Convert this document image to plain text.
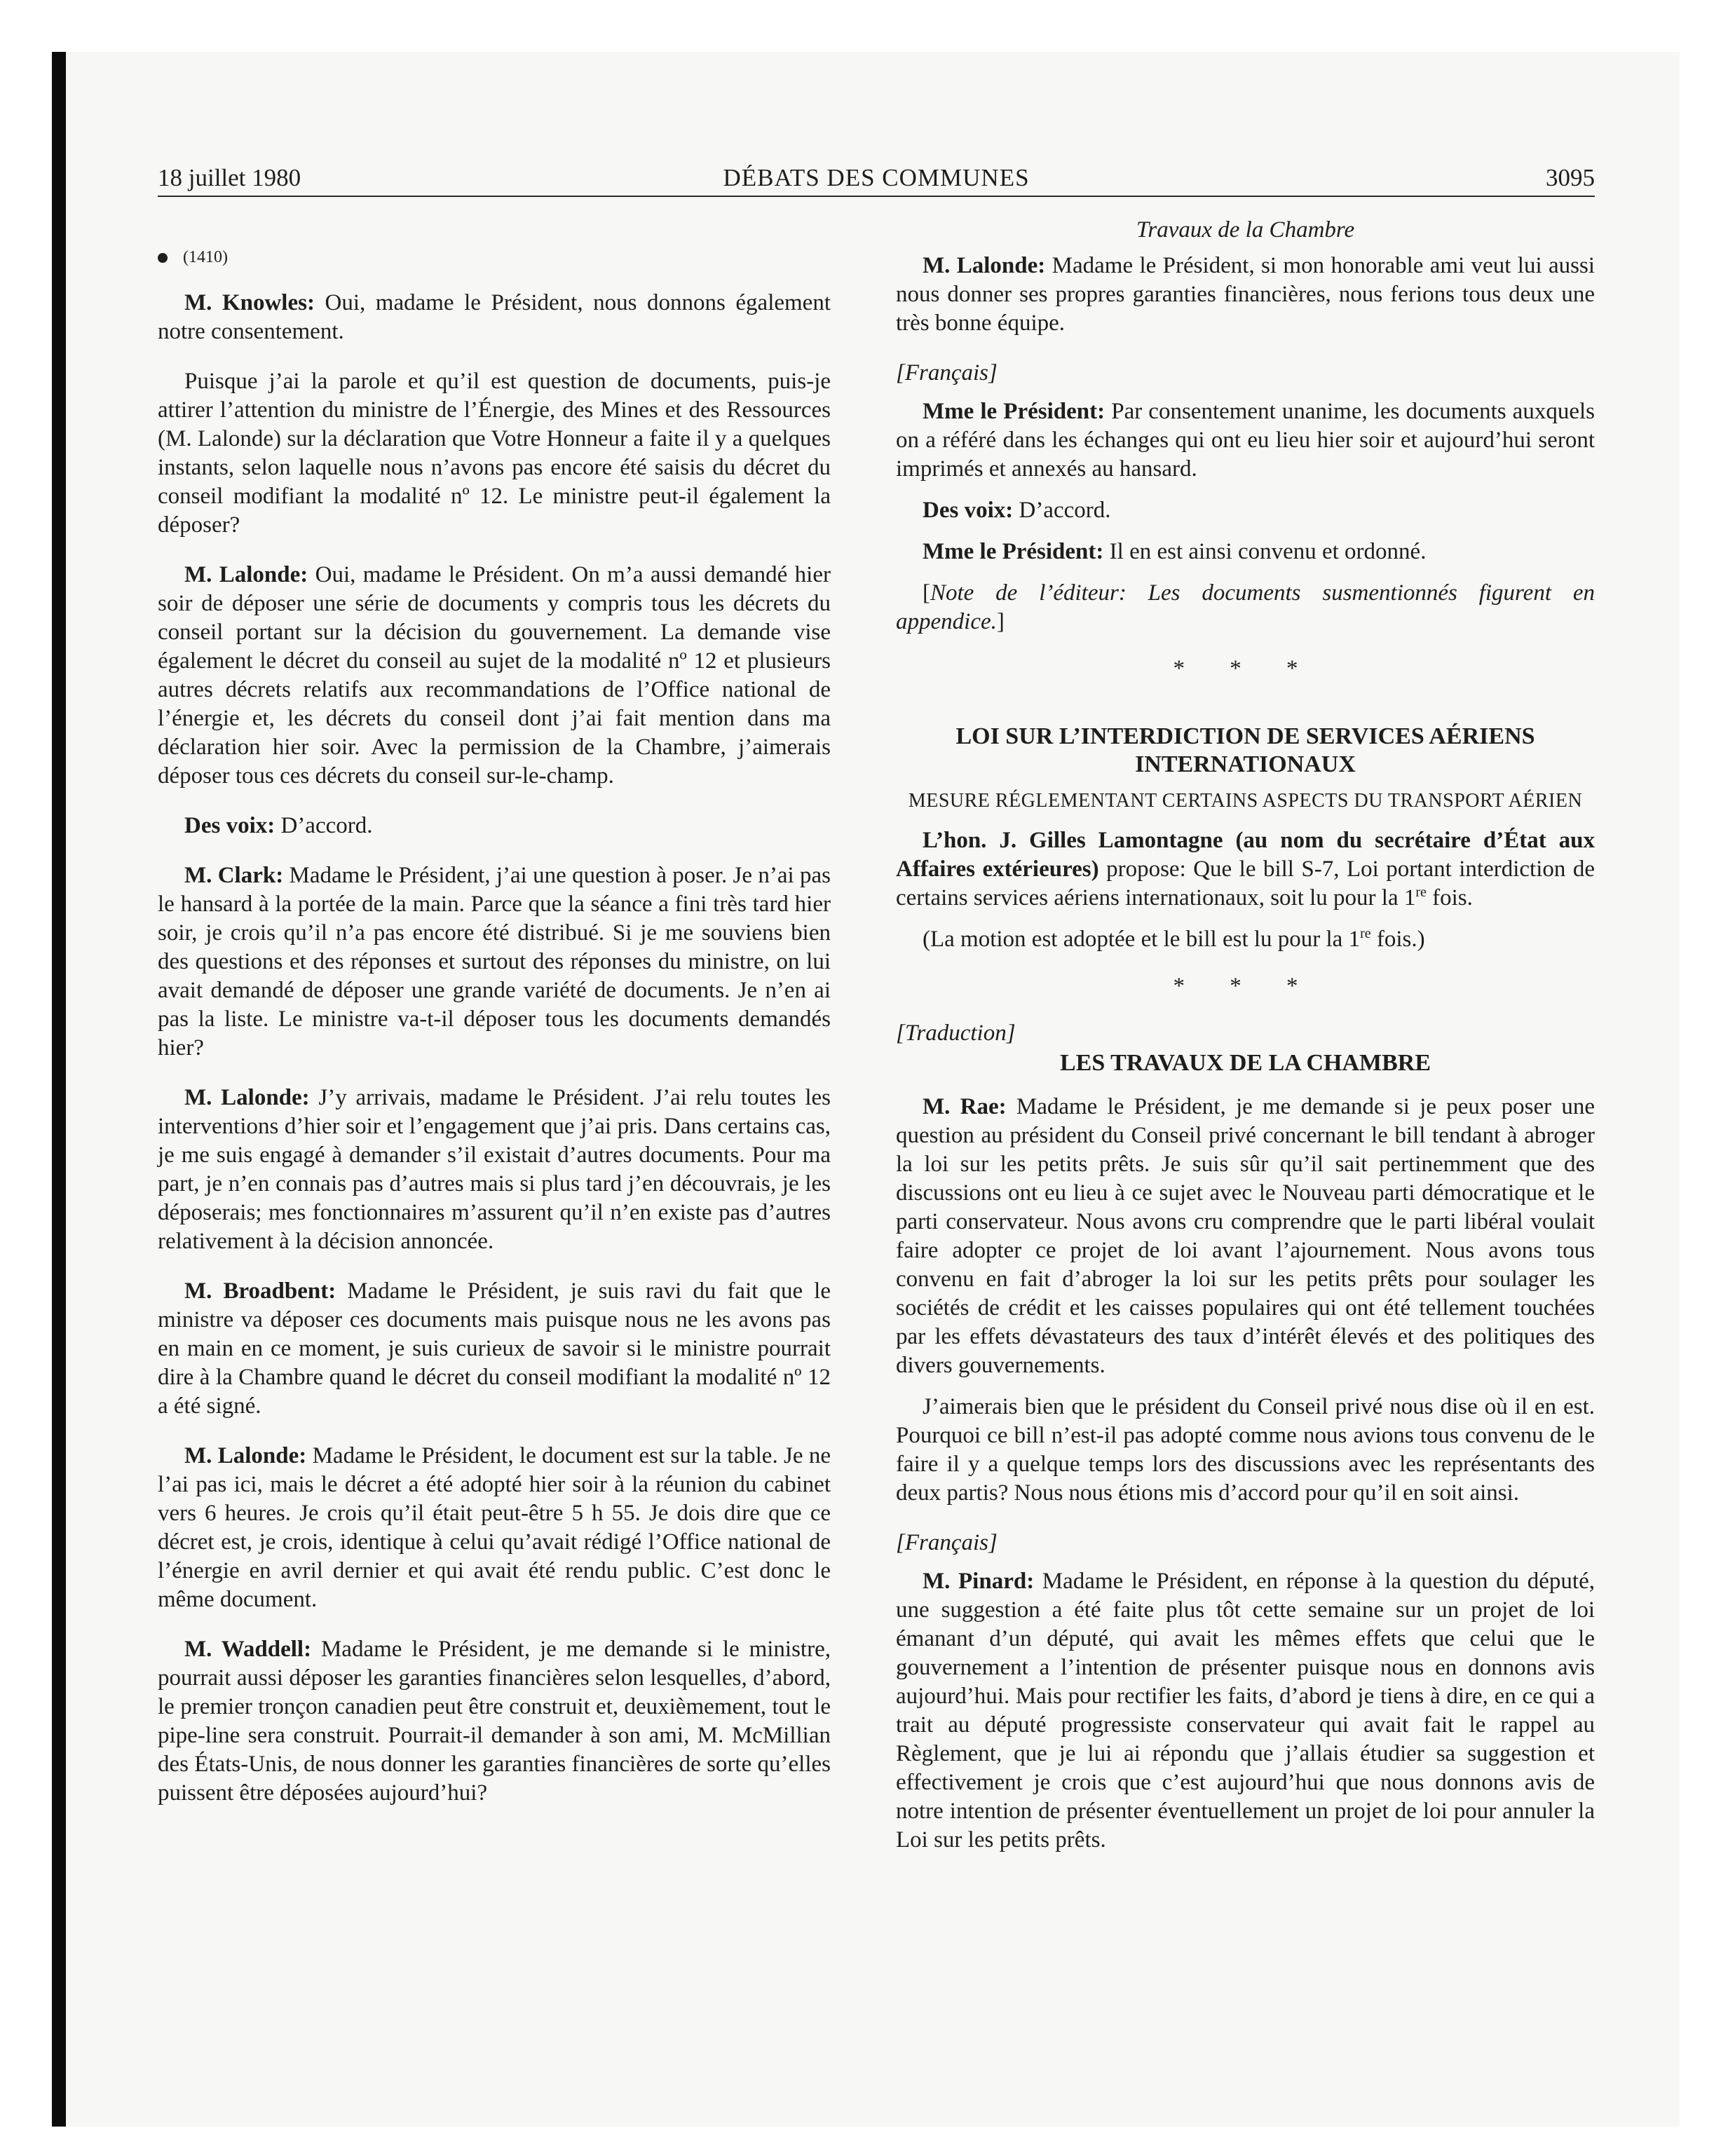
18 juillet 1980	DÉBATS DES COMMUNES	3095
(1410)

M. Knowles: Oui, madame le Président, nous donnons également notre consentement.

Puisque j’ai la parole et qu’il est question de documents, puis-je attirer l’attention du ministre de l’Énergie, des Mines et des Ressources (M. Lalonde) sur la déclaration que Votre Honneur a faite il y a quelques instants, selon laquelle nous n’avons pas encore été saisis du décret du conseil modifiant la modalité nº 12. Le ministre peut-il également la déposer?

M. Lalonde: Oui, madame le Président. On m’a aussi demandé hier soir de déposer une série de documents y compris tous les décrets du conseil portant sur la décision du gouvernement. La demande vise également le décret du conseil au sujet de la modalité nº 12 et plusieurs autres décrets relatifs aux recommandations de l’Office national de l’énergie et, les décrets du conseil dont j’ai fait mention dans ma déclaration hier soir. Avec la permission de la Chambre, j’aimerais déposer tous ces décrets du conseil sur-le-champ.

Des voix: D’accord.

M. Clark: Madame le Président, j’ai une question à poser. Je n’ai pas le hansard à la portée de la main. Parce que la séance a fini très tard hier soir, je crois qu’il n’a pas encore été distribué. Si je me souviens bien des questions et des réponses et surtout des réponses du ministre, on lui avait demandé de déposer une grande variété de documents. Je n’en ai pas la liste. Le ministre va-t-il déposer tous les documents demandés hier?

M. Lalonde: J’y arrivais, madame le Président. J’ai relu toutes les interventions d’hier soir et l’engagement que j’ai pris. Dans certains cas, je me suis engagé à demander s’il existait d’autres documents. Pour ma part, je n’en connais pas d’autres mais si plus tard j’en découvrais, je les déposerais; mes fonctionnaires m’assurent qu’il n’en existe pas d’autres relativement à la décision annoncée.

M. Broadbent: Madame le Président, je suis ravi du fait que le ministre va déposer ces documents mais puisque nous ne les avons pas en main en ce moment, je suis curieux de savoir si le ministre pourrait dire à la Chambre quand le décret du conseil modifiant la modalité nº 12 a été signé.

M. Lalonde: Madame le Président, le document est sur la table. Je ne l’ai pas ici, mais le décret a été adopté hier soir à la réunion du cabinet vers 6 heures. Je crois qu’il était peut-être 5 h 55. Je dois dire que ce décret est, je crois, identique à celui qu’avait rédigé l’Office national de l’énergie en avril dernier et qui avait été rendu public. C’est donc le même document.

M. Waddell: Madame le Président, je me demande si le ministre, pourrait aussi déposer les garanties financières selon lesquelles, d’abord, le premier tronçon canadien peut être construit et, deuxièmement, tout le pipe-line sera construit. Pourrait-il demander à son ami, M. McMillian des États-Unis, de nous donner les garanties financières de sorte qu’elles puissent être déposées aujourd’hui?

Travaux de la Chambre

M. Lalonde: Madame le Président, si mon honorable ami veut lui aussi nous donner ses propres garanties financières, nous ferions tous deux une très bonne équipe.

[Français]

Mme le Président: Par consentement unanime, les documents auxquels on a référé dans les échanges qui ont eu lieu hier soir et aujourd’hui seront imprimés et annexés au hansard.

Des voix: D’accord.

Mme le Président: Il en est ainsi convenu et ordonné.

[Note de l’éditeur: Les documents susmentionnés figurent en appendice.]

* * *

LOI SUR L’INTERDICTION DE SERVICES AÉRIENS INTERNATIONAUX

MESURE RÉGLEMENTANT CERTAINS ASPECTS DU TRANSPORT AÉRIEN

L’hon. J. Gilles Lamontagne (au nom du secrétaire d’État aux Affaires extérieures) propose: Que le bill S-7, Loi portant interdiction de certains services aériens internationaux, soit lu pour la 1re fois.

(La motion est adoptée et le bill est lu pour la 1re fois.)

* * *

[Traduction]

LES TRAVAUX DE LA CHAMBRE

M. Rae: Madame le Président, je me demande si je peux poser une question au président du Conseil privé concernant le bill tendant à abroger la loi sur les petits prêts. Je suis sûr qu’il sait pertinemment que des discussions ont eu lieu à ce sujet avec le Nouveau parti démocratique et le parti conservateur. Nous avons cru comprendre que le parti libéral voulait faire adopter ce projet de loi avant l’ajournement. Nous avons tous convenu en fait d’abroger la loi sur les petits prêts pour soulager les sociétés de crédit et les caisses populaires qui ont été tellement touchées par les effets dévastateurs des taux d’intérêt élevés et des politiques des divers gouvernements.

J’aimerais bien que le président du Conseil privé nous dise où il en est. Pourquoi ce bill n’est-il pas adopté comme nous avions tous convenu de le faire il y a quelque temps lors des discussions avec les représentants des deux partis? Nous nous étions mis d’accord pour qu’il en soit ainsi.

[Français]

M. Pinard: Madame le Président, en réponse à la question du député, une suggestion a été faite plus tôt cette semaine sur un projet de loi émanant d’un député, qui avait les mêmes effets que celui que le gouvernement a l’intention de présenter puisque nous en donnons avis aujourd’hui. Mais pour rectifier les faits, d’abord je tiens à dire, en ce qui a trait au député progressiste conservateur qui avait fait le rappel au Règlement, que je lui ai répondu que j’allais étudier sa suggestion et effectivement je crois que c’est aujourd’hui que nous donnons avis de notre intention de présenter éventuellement un projet de loi pour annuler la Loi sur les petits prêts.
